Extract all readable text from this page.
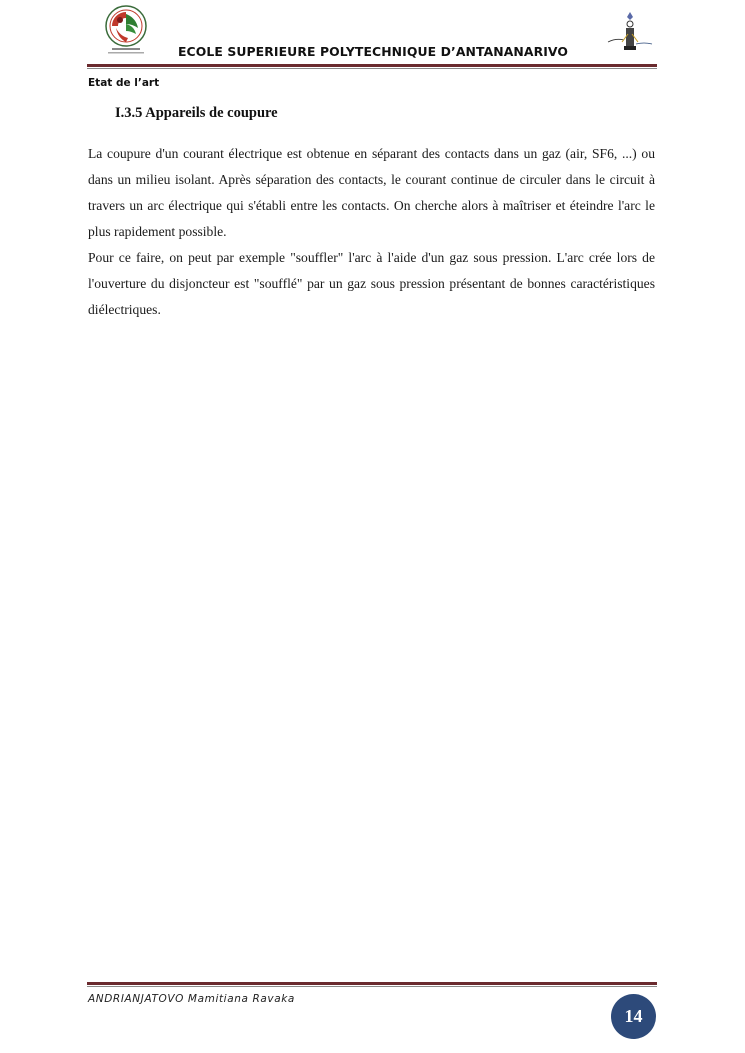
ECOLE SUPERIEURE POLYTECHNIQUE D’ANTANANARIVO
Etat de l’art
I.3.5 Appareils de coupure

La coupure d'un courant électrique est obtenue en séparant des contacts dans un gaz (air, SF6, ...) ou dans un milieu isolant. Après séparation des contacts, le courant continue de circuler dans le circuit à travers un arc électrique qui s'établi entre les contacts. On cherche alors à maîtriser et éteindre l'arc le plus rapidement possible.

Pour ce faire, on peut par exemple "souffler" l'arc à l'aide d'un gaz sous pression. L'arc crée lors de l'ouverture du disjoncteur est "soufflé" par un gaz sous pression présentant de bonnes caractéristiques diélectriques.

ANDRIANJATOVO Mamitiana Ravaka
14
